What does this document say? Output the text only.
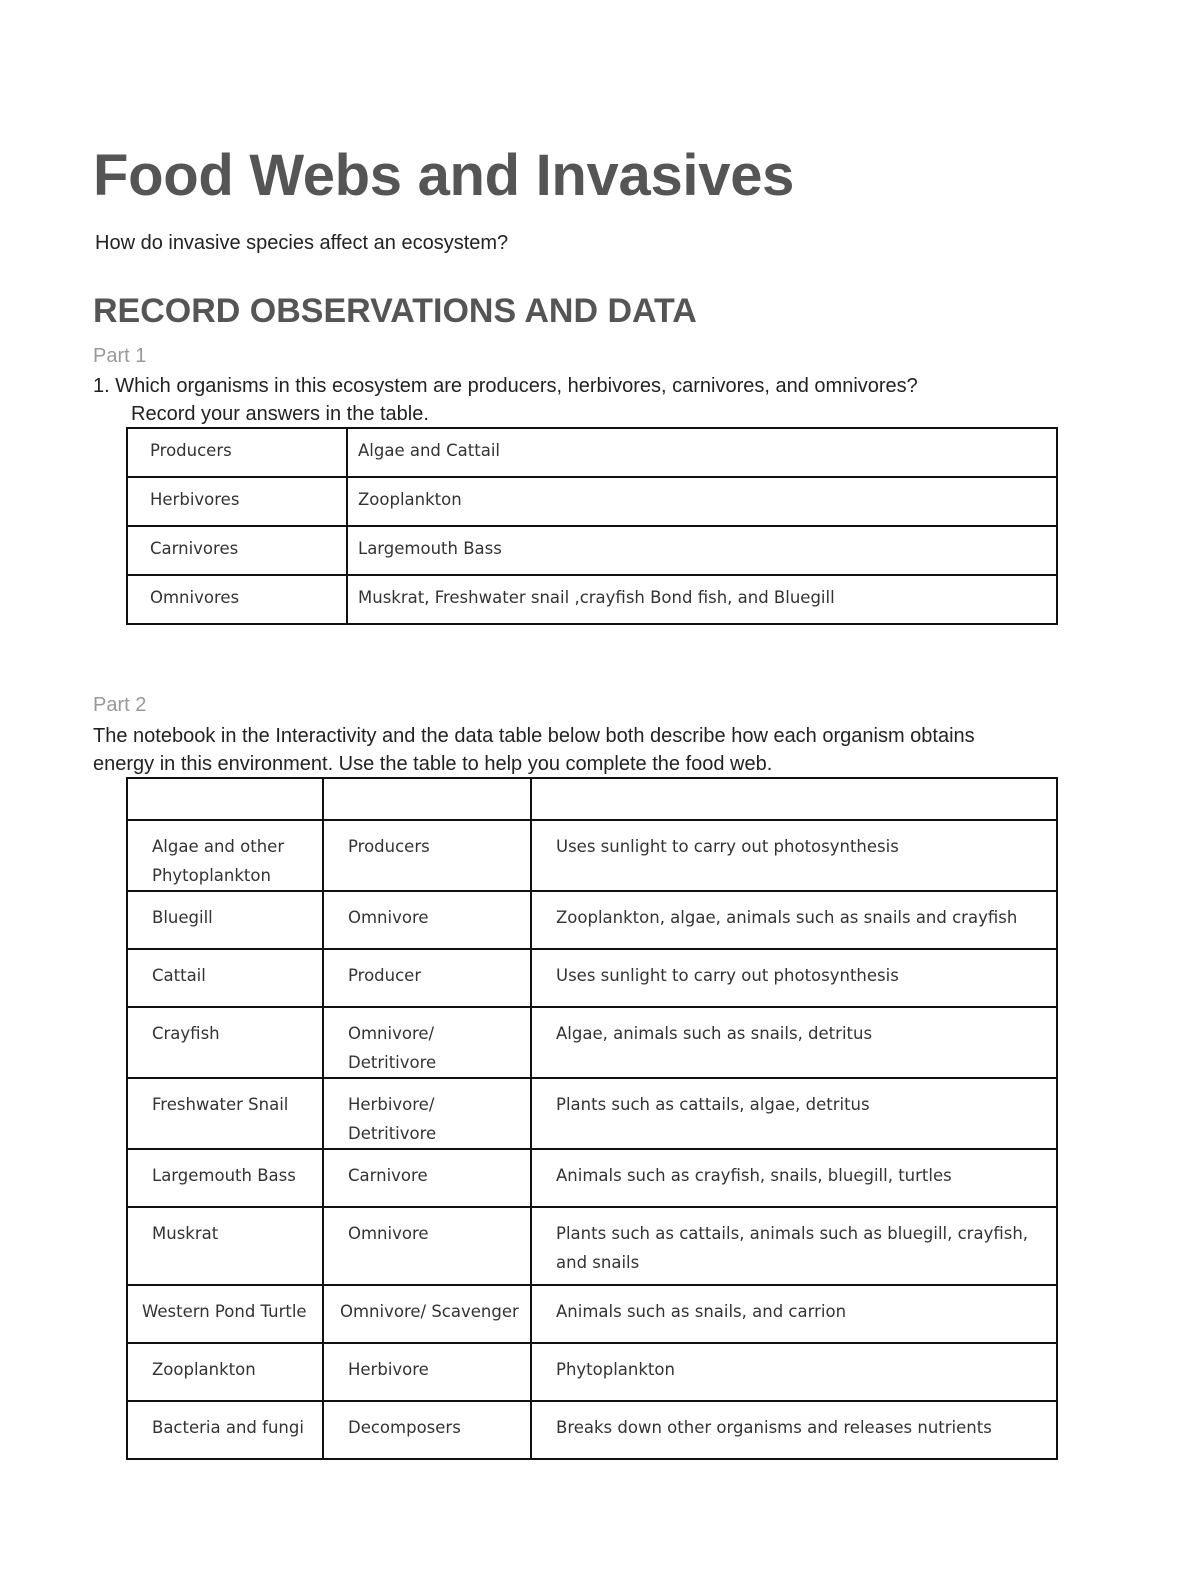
Food Webs and Invasives
How do invasive species affect an ecosystem?
RECORD OBSERVATIONS AND DATA
Part 1
1. Which organisms in this ecosystem are producers, herbivores, carnivores, and omnivores?
Record your answers in the table.
Producers	Algae and Cattail

Herbivores	Zooplankton

Carnivores	Largemouth Bass

Omnivores	Muskrat, Freshwater snail ,crayfish Bond fish, and Bluegill
Part 2
The notebook in the Interactivity and the data table below both describe how each organism obtains energy in this environment. Use the table to help you complete the food web.

Algae and other Phytoplankton	Producers	Uses sunlight to carry out photosynthesis

Bluegill	Omnivore	Zooplankton, algae, animals such as snails and crayfish

Cattail	Producer	Uses sunlight to carry out photosynthesis

Crayfish	Omnivore/ Detritivore	Algae, animals such as snails, detritus

Freshwater Snail	Herbivore/ Detritivore	Plants such as cattails, algae, detritus

Largemouth Bass	Carnivore	Animals such as crayfish, snails, bluegill, turtles

Muskrat	Omnivore	Plants such as cattails, animals such as bluegill, crayfish, and snails

Western Pond Turtle	Omnivore/ Scavenger	Animals such as snails, and carrion

Zooplankton	Herbivore	Phytoplankton

Bacteria and fungi	Decomposers	Breaks down other organisms and releases nutrients
